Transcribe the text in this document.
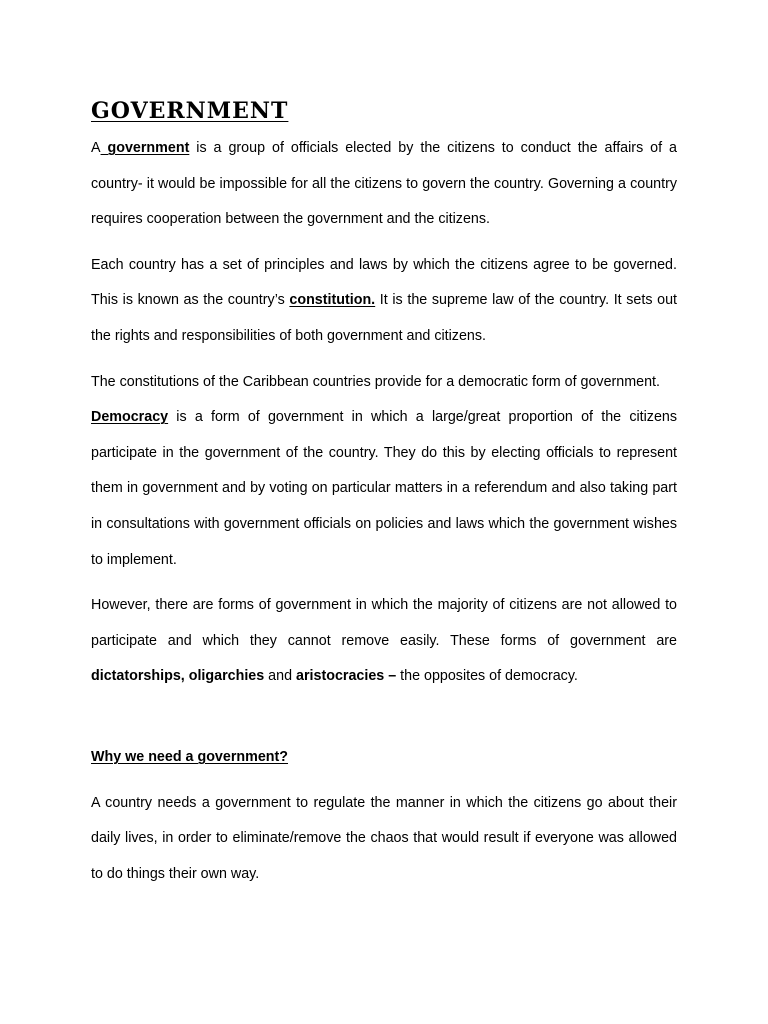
GOVERNMENT

A government is a group of officials elected by the citizens to conduct the affairs of a country- it would be impossible for all the citizens to govern the country. Governing a country requires cooperation between the government and the citizens.

Each country has a set of principles and laws by which the citizens agree to be governed. This is known as the country’s constitution. It is the supreme law of the country. It sets out the rights and responsibilities of both government and citizens.

The constitutions of the Caribbean countries provide for a democratic form of government.
Democracy is a form of government in which a large/great proportion of the citizens participate in the government of the country. They do this by electing officials to represent them in government and by voting on particular matters in a referendum and also taking part in consultations with government officials on policies and laws which the government wishes to implement.

However, there are forms of government in which the majority of citizens are not allowed to participate and which they cannot remove easily. These forms of government are dictatorships, oligarchies and aristocracies – the opposites of democracy.

Why we need a government?

A country needs a government to regulate the manner in which the citizens go about their daily lives, in order to eliminate/remove the chaos that would result if everyone was allowed to do things their own way.
